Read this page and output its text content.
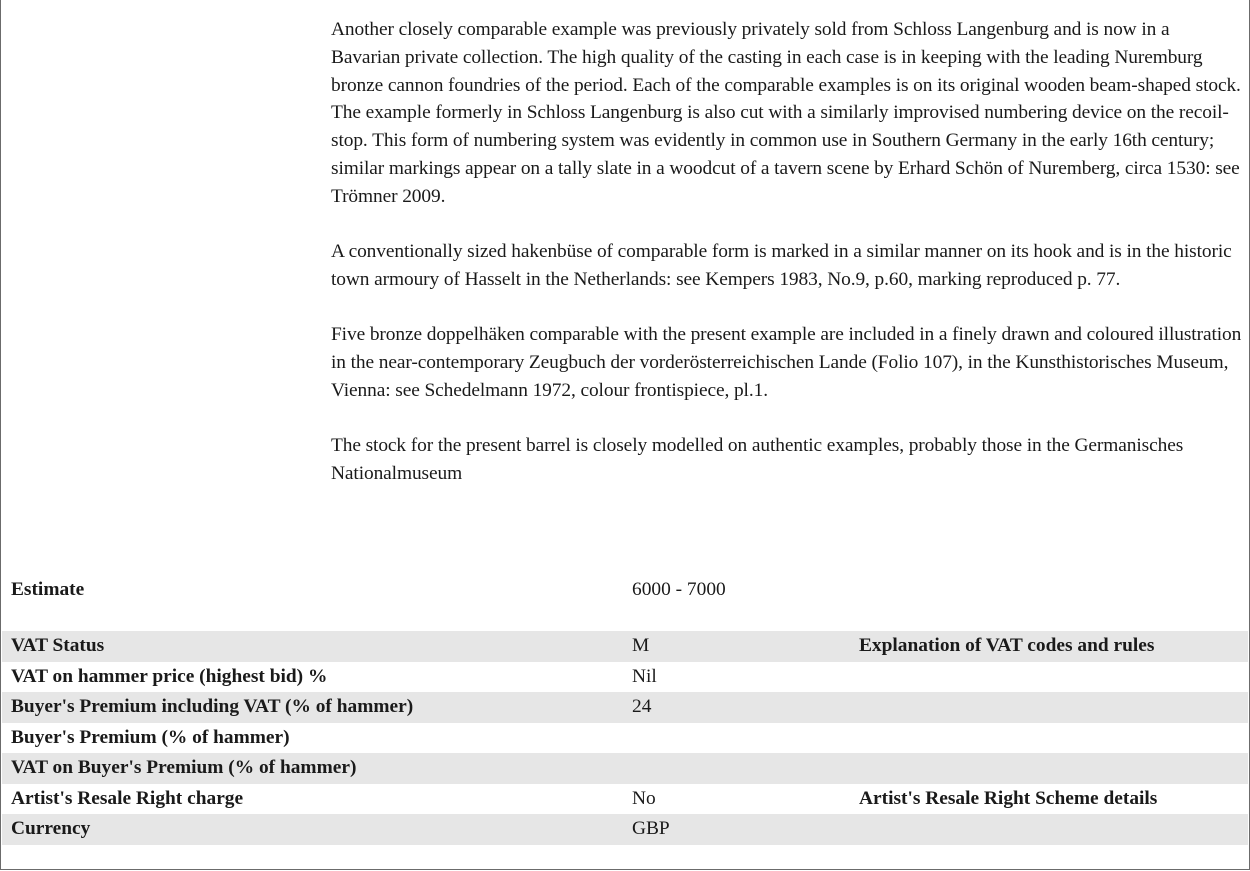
Another closely comparable example was previously privately sold from Schloss Langenburg and is now in a Bavarian private collection. The high quality of the casting in each case is in keeping with the leading Nuremburg bronze cannon foundries of the period. Each of the comparable examples is on its original wooden beam-shaped stock. The example formerly in Schloss Langenburg is also cut with a similarly improvised numbering device on the recoil-stop. This form of numbering system was evidently in common use in Southern Germany in the early 16th century; similar markings appear on a tally slate in a woodcut of a tavern scene by Erhard Schön of Nuremberg, circa 1530: see Trömner 2009.

A conventionally sized hakenbüse of comparable form is marked in a similar manner on its hook and is in the historic town armoury of Hasselt in the Netherlands: see Kempers 1983, No.9, p.60, marking reproduced p. 77.

Five bronze doppelhäken comparable with the present example are included in a finely drawn and coloured illustration in the near-contemporary Zeugbuch der vorderösterreichischen Lande (Folio 107), in the Kunsthistorisches Museum, Vienna: see Schedelmann 1972, colour frontispiece, pl.1.

The stock for the present barrel is closely modelled on authentic examples, probably those in the Germanisches Nationalmuseum

Estimate	6000 - 7000	

VAT Status	M	Explanation of VAT codes and rules
VAT on hammer price (highest bid) %	Nil	
Buyer's Premium including VAT (% of hammer)	24	
Buyer's Premium (% of hammer)		
VAT on Buyer's Premium (% of hammer)		
Artist's Resale Right charge	No	Artist's Resale Right Scheme details
Currency	GBP	
